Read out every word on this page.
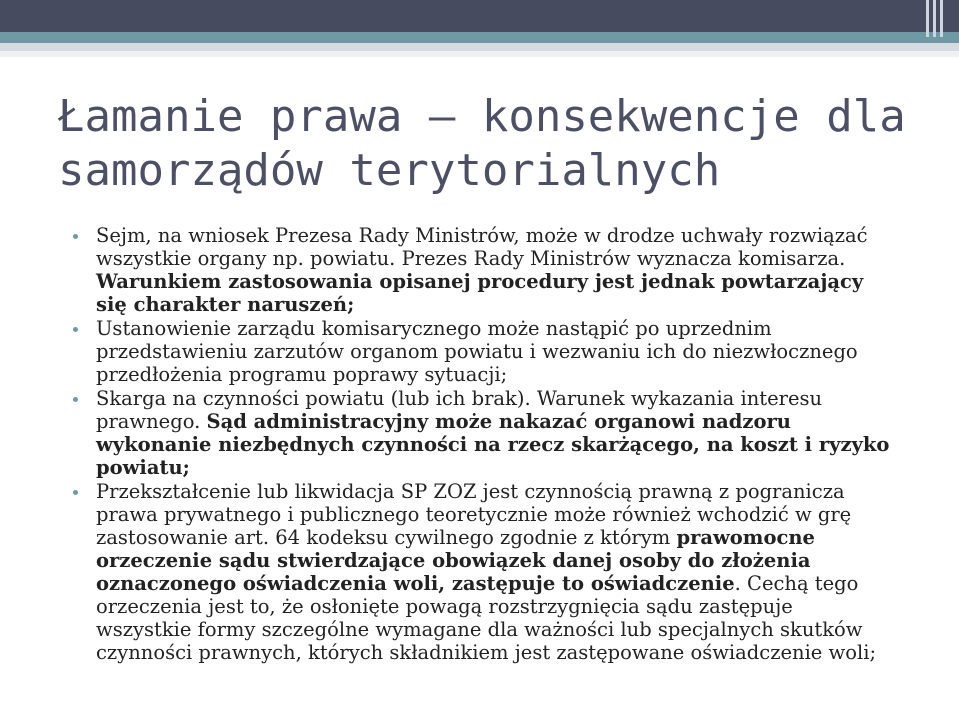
Łamanie prawa – konsekwencje dla
samorządów terytorialnych

Sejm, na wniosek Prezesa Rady Ministrów, może w drodze uchwały rozwiązać wszystkie organy np. powiatu. Prezes Rady Ministrów wyznacza komisarza. Warunkiem zastosowania opisanej procedury jest jednak powtarzający się charakter naruszeń;

Ustanowienie zarządu komisarycznego może nastąpić po uprzednim przedstawieniu zarzutów organom powiatu i wezwaniu ich do niezwłocznego przedłożenia programu poprawy sytuacji;

Skarga na czynności powiatu (lub ich brak). Warunek wykazania interesu prawnego. Sąd administracyjny może nakazać organowi nadzoru wykonanie niezbędnych czynności na rzecz skarżącego, na koszt i ryzyko powiatu;

Przekształcenie lub likwidacja SP ZOZ jest czynnością prawną z pogranicza prawa prywatnego i publicznego teoretycznie może również wchodzić w grę zastosowanie art. 64 kodeksu cywilnego zgodnie z którym prawomocne orzeczenie sądu stwierdzające obowiązek danej osoby do złożenia oznaczonego oświadczenia woli, zastępuje to oświadczenie. Cechą tego orzeczenia jest to, że osłonięte powagą rozstrzygnięcia sądu zastępuje wszystkie formy szczególne wymagane dla ważności lub specjalnych skutków czynności prawnych, których składnikiem jest zastępowane oświadczenie woli;
